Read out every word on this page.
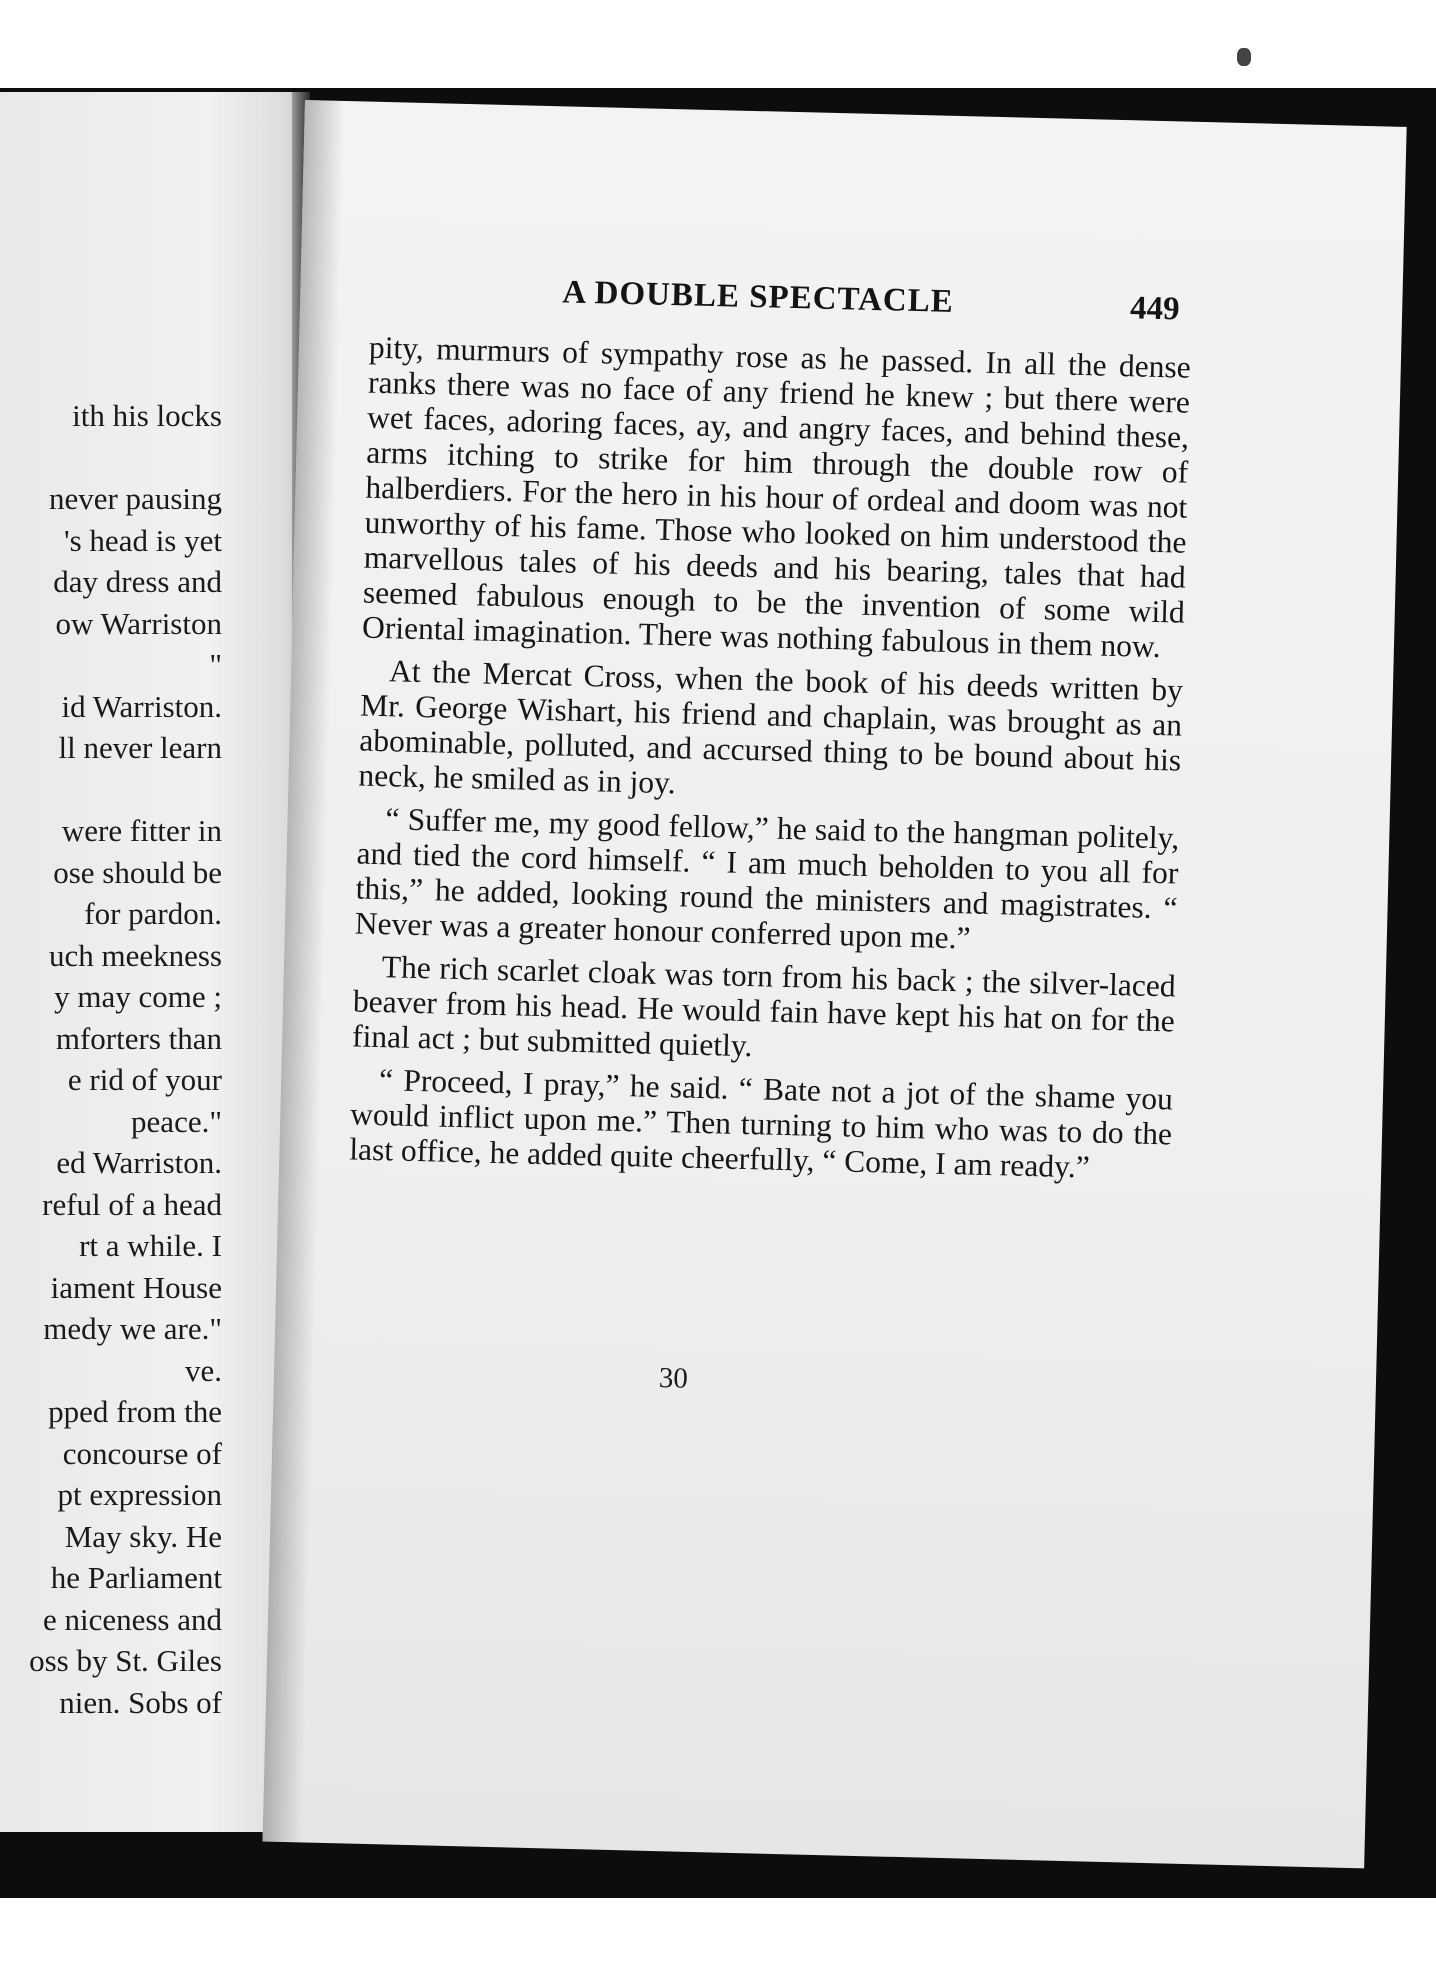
ith his locks

never pausing
's head is yet
day dress and
ow Warriston
"
id Warriston.
ll never learn

were fitter in
ose should be
for pardon.
uch meekness
y may come ;
mforters than
e rid of your
peace."
ed Warriston.
reful of a head
rt a while. I
iament House
medy we are."
ve.
pped from the
concourse of
pt expression
May sky. He
he Parliament
e niceness and
oss by St. Giles
nien. Sobs of
A DOUBLE SPECTACLE	449

pity, murmurs of sympathy rose as he passed. In all the dense ranks there was no face of any friend he knew ; but there were wet faces, adoring faces, ay, and angry faces, and behind these, arms itching to strike for him through the double row of halberdiers. For the hero in his hour of ordeal and doom was not unworthy of his fame. Those who looked on him understood the marvellous tales of his deeds and his bearing, tales that had seemed fabulous enough to be the invention of some wild Oriental imagination. There was nothing fabulous in them now.

At the Mercat Cross, when the book of his deeds written by Mr. George Wishart, his friend and chaplain, was brought as an abominable, polluted, and accursed thing to be bound about his neck, he smiled as in joy.

“ Suffer me, my good fellow,” he said to the hangman politely, and tied the cord himself. “ I am much beholden to you all for this,” he added, looking round the ministers and magistrates. “ Never was a greater honour conferred upon me.”

The rich scarlet cloak was torn from his back ; the silver-laced beaver from his head. He would fain have kept his hat on for the final act ; but submitted quietly.

“ Proceed, I pray,” he said. “ Bate not a jot of the shame you would inflict upon me.” Then turning to him who was to do the last office, he added quite cheerfully, “ Come, I am ready.”

30
